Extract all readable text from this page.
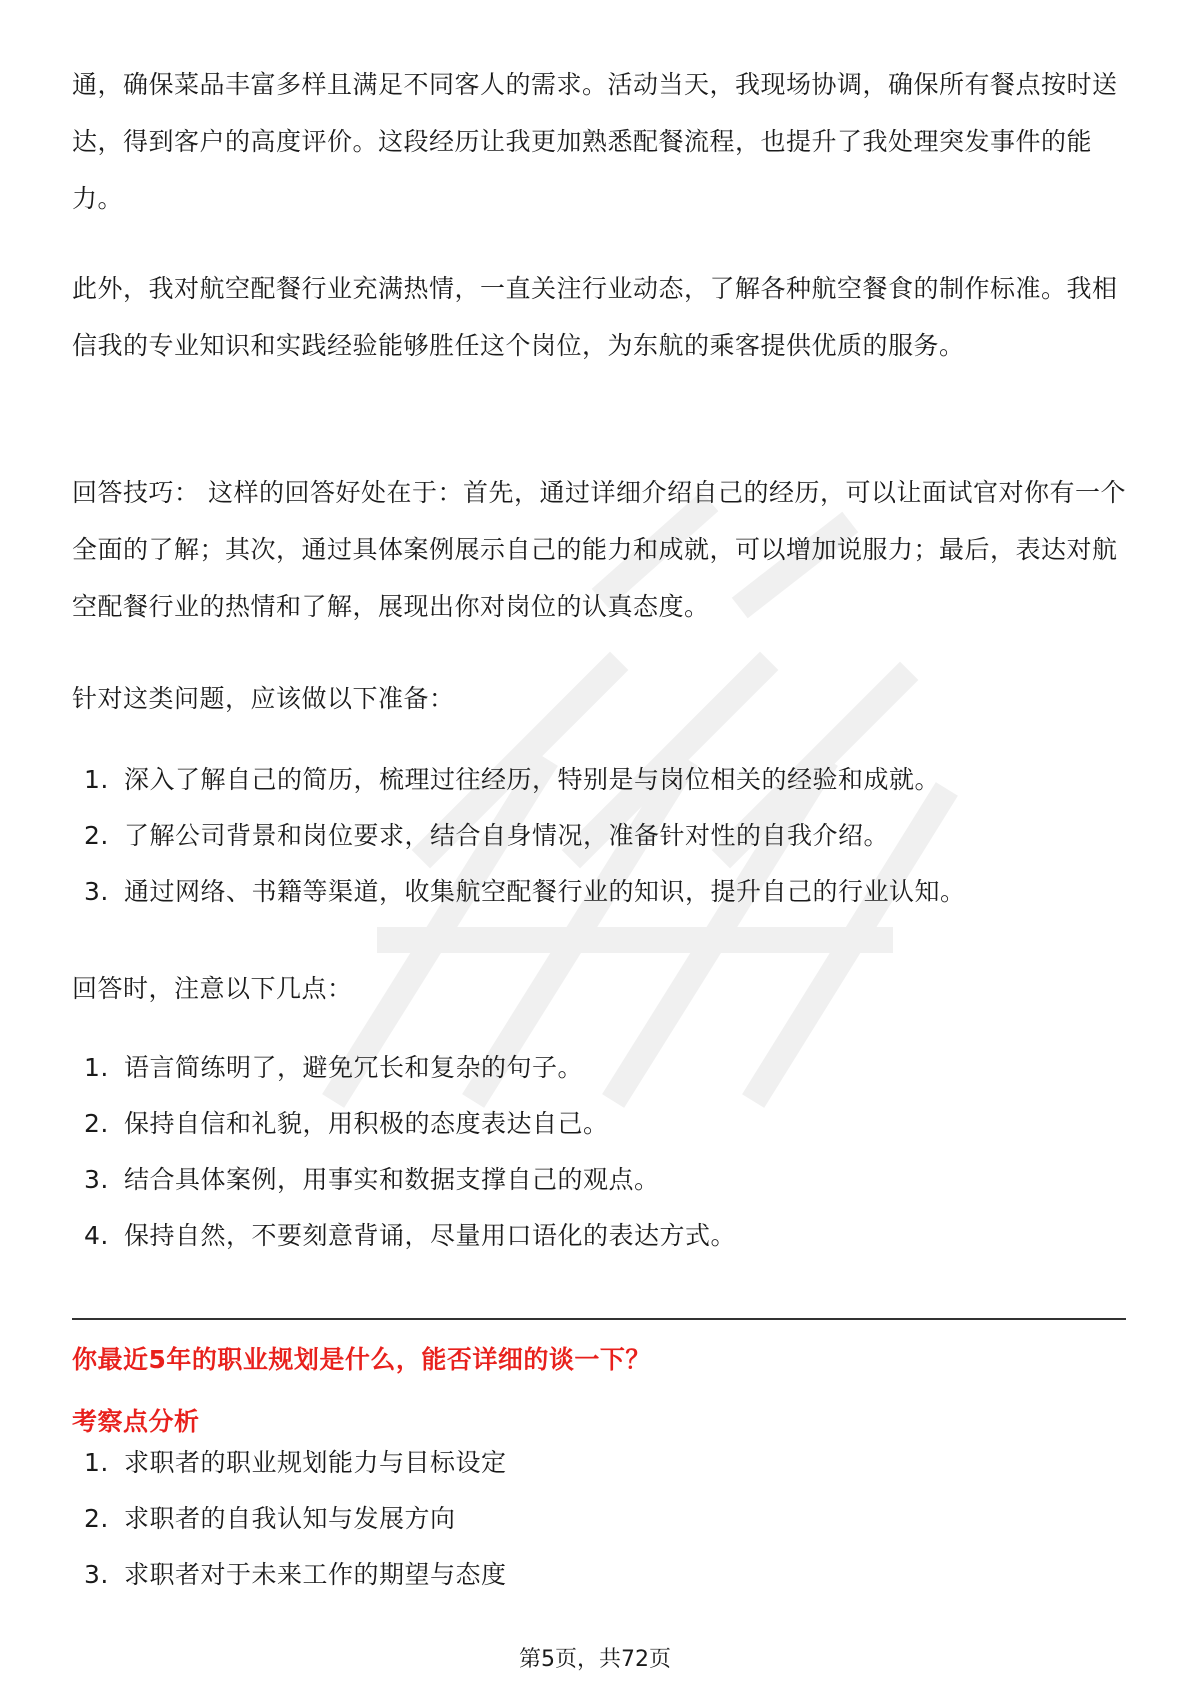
通，确保菜品丰富多样且满足不同客人的需求。活动当天，我现场协调，确保所有餐点按时送达，得到客户的高度评价。这段经历让我更加熟悉配餐流程，也提升了我处理突发事件的能力。

此外，我对航空配餐行业充满热情，一直关注行业动态，了解各种航空餐食的制作标准。我相信我的专业知识和实践经验能够胜任这个岗位，为东航的乘客提供优质的服务。

回答技巧： 这样的回答好处在于：首先，通过详细介绍自己的经历，可以让面试官对你有一个全面的了解；其次，通过具体案例展示自己的能力和成就，可以增加说服力；最后，表达对航空配餐行业的热情和了解，展现出你对岗位的认真态度。

针对这类问题，应该做以下准备：

1. 深入了解自己的简历，梳理过往经历，特别是与岗位相关的经验和成就。
2. 了解公司背景和岗位要求，结合自身情况，准备针对性的自我介绍。
3. 通过网络、书籍等渠道，收集航空配餐行业的知识，提升自己的行业认知。

回答时，注意以下几点：

1. 语言简练明了，避免冗长和复杂的句子。
2. 保持自信和礼貌，用积极的态度表达自己。
3. 结合具体案例，用事实和数据支撑自己的观点。
4. 保持自然，不要刻意背诵，尽量用口语化的表达方式。
你最近5年的职业规划是什么，能否详细的谈一下？
考察点分析
1. 求职者的职业规划能力与目标设定
2. 求职者的自我认知与发展方向
3. 求职者对于未来工作的期望与态度
第5页，共72页
